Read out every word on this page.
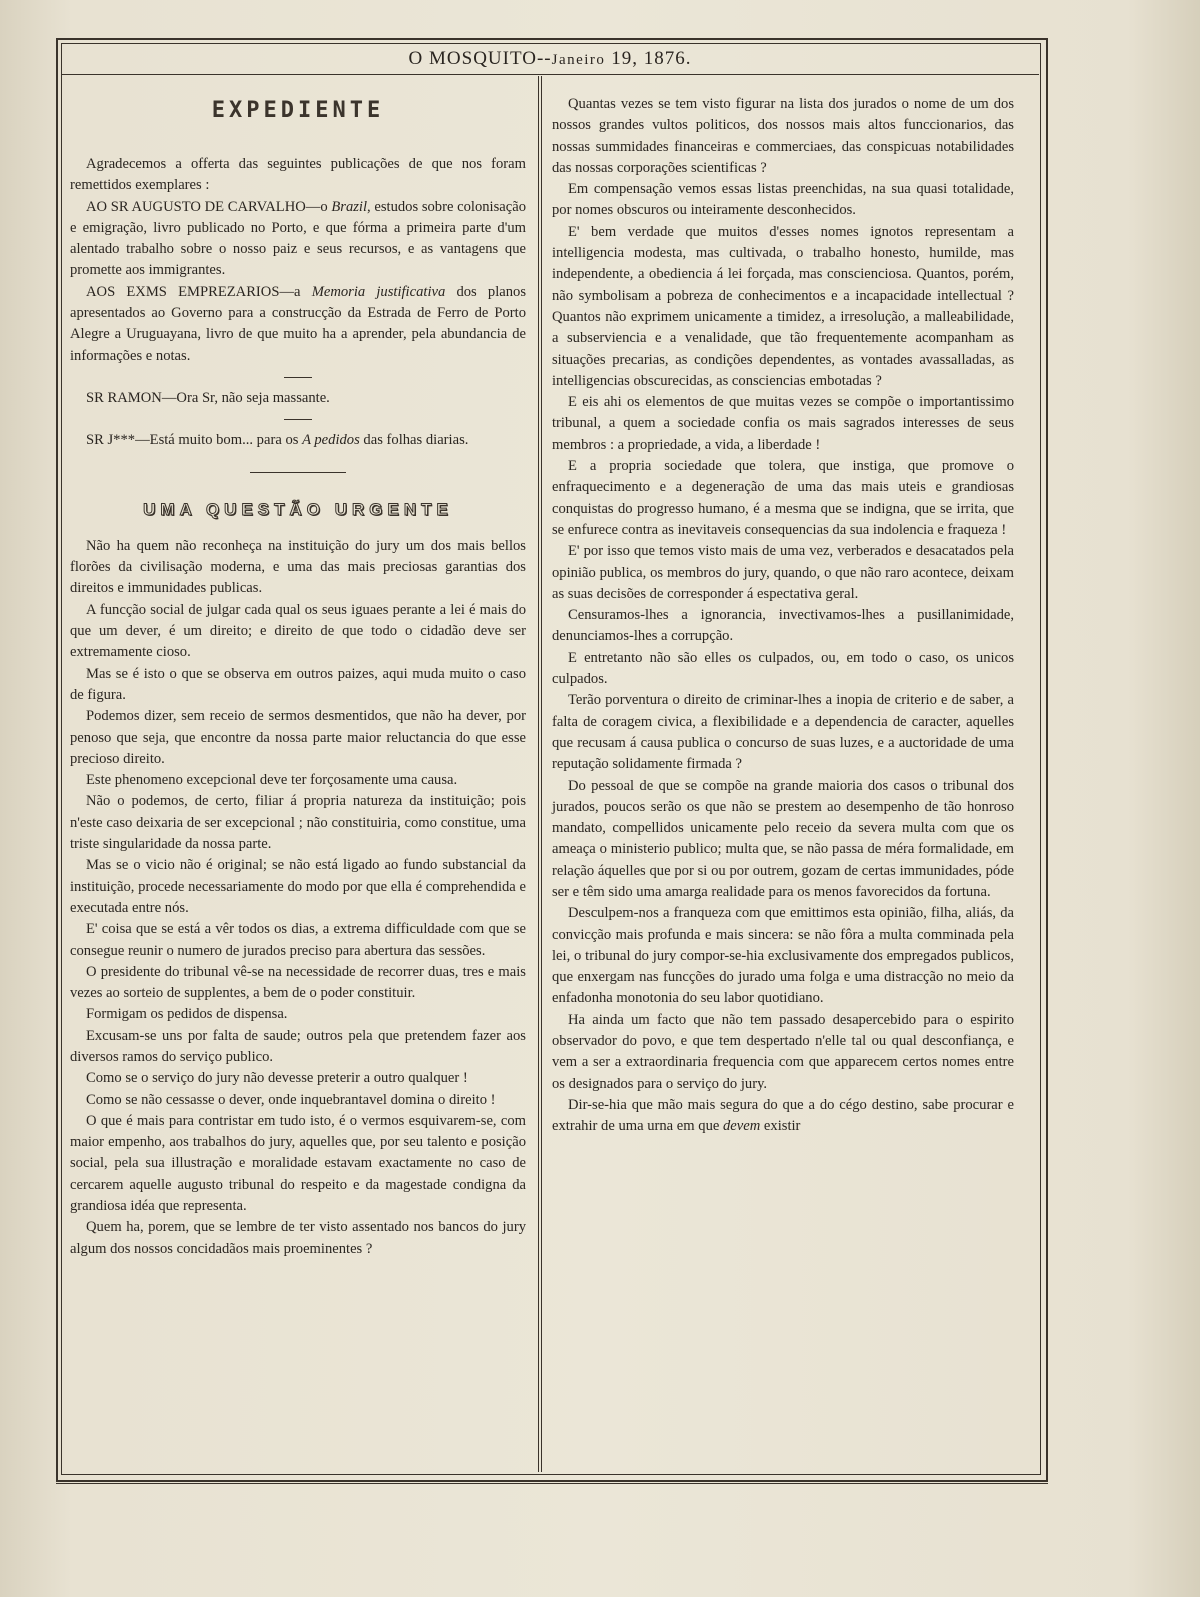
O MOSQUITO--Janeiro 19, 1876.
EXPEDIENTE

Agradecemos a offerta das seguintes publicações de que nos foram remettidos exemplares :

AO SR AUGUSTO DE CARVALHO—o Brazil, estudos sobre colonisação e emigração, livro publicado no Porto, e que fórma a primeira parte d'um alentado trabalho sobre o nosso paiz e seus recursos, e as vantagens que promette aos immigrantes.

AOS EXMS EMPREZARIOS—a Memoria justificativa dos planos apresentados ao Governo para a construcção da Estrada de Ferro de Porto Alegre a Uruguayana, livro de que muito ha a aprender, pela abundancia de informações e notas.

SR RAMON—Ora Sr, não seja massante.

SR J***—Está muito bom... para os A pedidos das folhas diarias.

UMA QUESTÃO URGENTE

Não ha quem não reconheça na instituição do jury um dos mais bellos florões da civilisação moderna, e uma das mais preciosas garantias dos direitos e immunidades publicas.

A funcção social de julgar cada qual os seus iguaes perante a lei é mais do que um dever, é um direito; e direito de que todo o cidadão deve ser extremamente cioso.

Mas se é isto o que se observa em outros paizes, aqui muda muito o caso de figura.

Podemos dizer, sem receio de sermos desmentidos, que não ha dever, por penoso que seja, que encontre da nossa parte maior reluctancia do que esse precioso direito.

Este phenomeno excepcional deve ter forçosamente uma causa.

Não o podemos, de certo, filiar á propria natureza da instituição; pois n'este caso deixaria de ser excepcional ; não constituiria, como constitue, uma triste singularidade da nossa parte.

Mas se o vicio não é original; se não está ligado ao fundo substancial da instituição, procede necessariamente do modo por que ella é comprehendida e executada entre nós.

E' coisa que se está a vêr todos os dias, a extrema difficuldade com que se consegue reunir o numero de jurados preciso para abertura das sessões.

O presidente do tribunal vê-se na necessidade de recorrer duas, tres e mais vezes ao sorteio de supplentes, a bem de o poder constituir.

Formigam os pedidos de dispensa.

Excusam-se uns por falta de saude; outros pela que pretendem fazer aos diversos ramos do serviço publico.

Como se o serviço do jury não devesse preterir a outro qualquer !

Como se não cessasse o dever, onde inquebrantavel domina o direito !

O que é mais para contristar em tudo isto, é o vermos esquivarem-se, com maior empenho, aos trabalhos do jury, aquelles que, por seu talento e posição social, pela sua illustração e moralidade estavam exactamente no caso de cercarem aquelle augusto tribunal do respeito e da magestade condigna da grandiosa idéa que representa.

Quem ha, porem, que se lembre de ter visto assentado nos bancos do jury algum dos nossos concidadãos mais proeminentes ?

Quantas vezes se tem visto figurar na lista dos jurados o nome de um dos nossos grandes vultos politicos, dos nossos mais altos funccionarios, das nossas summidades financeiras e commerciaes, das conspicuas notabilidades das nossas corporações scientificas ?

Em compensação vemos essas listas preenchidas, na sua quasi totalidade, por nomes obscuros ou inteiramente desconhecidos.

E' bem verdade que muitos d'esses nomes ignotos representam a intelligencia modesta, mas cultivada, o trabalho honesto, humilde, mas independente, a obediencia á lei forçada, mas conscienciosa. Quantos, porém, não symbolisam a pobreza de conhecimentos e a incapacidade intellectual ? Quantos não exprimem unicamente a timidez, a irresolução, a malleabilidade, a subserviencia e a venalidade, que tão frequentemente acompanham as situações precarias, as condições dependentes, as vontades avassalladas, as intelligencias obscurecidas, as consciencias embotadas ?

E eis ahi os elementos de que muitas vezes se compõe o importantissimo tribunal, a quem a sociedade confia os mais sagrados interesses de seus membros : a propriedade, a vida, a liberdade !

E a propria sociedade que tolera, que instiga, que promove o enfraquecimento e a degeneração de uma das mais uteis e grandiosas conquistas do progresso humano, é a mesma que se indigna, que se irrita, que se enfurece contra as inevitaveis consequencias da sua indolencia e fraqueza !

E' por isso que temos visto mais de uma vez, verberados e desacatados pela opinião publica, os membros do jury, quando, o que não raro acontece, deixam as suas decisões de corresponder á espectativa geral.

Censuramos-lhes a ignorancia, invectivamos-lhes a pusillanimidade, denunciamos-lhes a corrupção.

E entretanto não são elles os culpados, ou, em todo o caso, os unicos culpados.

Terão porventura o direito de criminar-lhes a inopia de criterio e de saber, a falta de coragem civica, a flexibilidade e a dependencia de caracter, aquelles que recusam á causa publica o concurso de suas luzes, e a auctoridade de uma reputação solidamente firmada ?

Do pessoal de que se compõe na grande maioria dos casos o tribunal dos jurados, poucos serão os que não se prestem ao desempenho de tão honroso mandato, compellidos unicamente pelo receio da severa multa com que os ameaça o ministerio publico; multa que, se não passa de méra formalidade, em relação áquelles que por si ou por outrem, gozam de certas immunidades, póde ser e têm sido uma amarga realidade para os menos favorecidos da fortuna.

Desculpem-nos a franqueza com que emittimos esta opinião, filha, aliás, da convicção mais profunda e mais sincera: se não fôra a multa comminada pela lei, o tribunal do jury compor-se-hia exclusivamente dos empregados publicos, que enxergam nas funcções do jurado uma folga e uma distracção no meio da enfadonha monotonia do seu labor quotidiano.

Ha ainda um facto que não tem passado desapercebido para o espirito observador do povo, e que tem despertado n'elle tal ou qual desconfiança, e vem a ser a extraordinaria frequencia com que apparecem certos nomes entre os designados para o serviço do jury.

Dir-se-hia que mão mais segura do que a do cégo destino, sabe procurar e extrahir de uma urna em que devem existir
